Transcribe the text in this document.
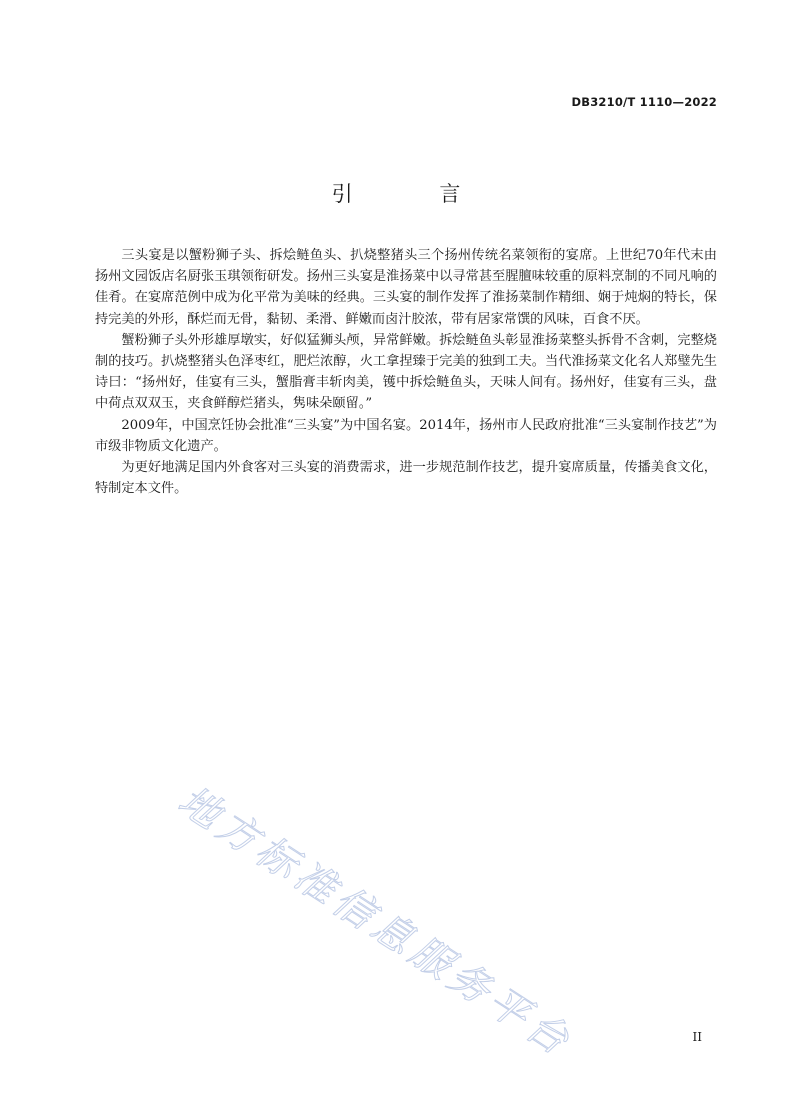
DB3210/T 1110—2022
引 言

三头宴是以蟹粉狮子头、拆烩鲢鱼头、扒烧整猪头三个扬州传统名菜领衔的宴席。上世纪70年代末由扬州文园饭店名厨张玉琪领衔研发。扬州三头宴是淮扬菜中以寻常甚至腥膻味较重的原料烹制的不同凡响的佳肴。在宴席范例中成为化平常为美味的经典。三头宴的制作发挥了淮扬菜制作精细、娴于炖焖的特长，保持完美的外形，酥烂而无骨，黏韧、柔滑、鲜嫩而卤汁胶浓，带有居家常馔的风味，百食不厌。

蟹粉狮子头外形雄厚墩实，好似猛狮头颅，异常鲜嫩。拆烩鲢鱼头彰显淮扬菜整头拆骨不含刺，完整烧制的技巧。扒烧整猪头色泽枣红，肥烂浓醇，火工拿捏臻于完美的独到工夫。当代淮扬菜文化名人郑璧先生诗曰：“扬州好，佳宴有三头，蟹脂膏丰斩肉美，镬中拆烩鲢鱼头，天味人间有。扬州好，佳宴有三头，盘中荷点双双玉，夹食鲜醇烂猪头，隽味朵颐留。”

2009年，中国烹饪协会批准“三头宴”为中国名宴。2014年，扬州市人民政府批准“三头宴制作技艺”为市级非物质文化遗产。

为更好地满足国内外食客对三头宴的消费需求，进一步规范制作技艺，提升宴席质量，传播美食文化，特制定本文件。

地方标准信息服务平台	II
